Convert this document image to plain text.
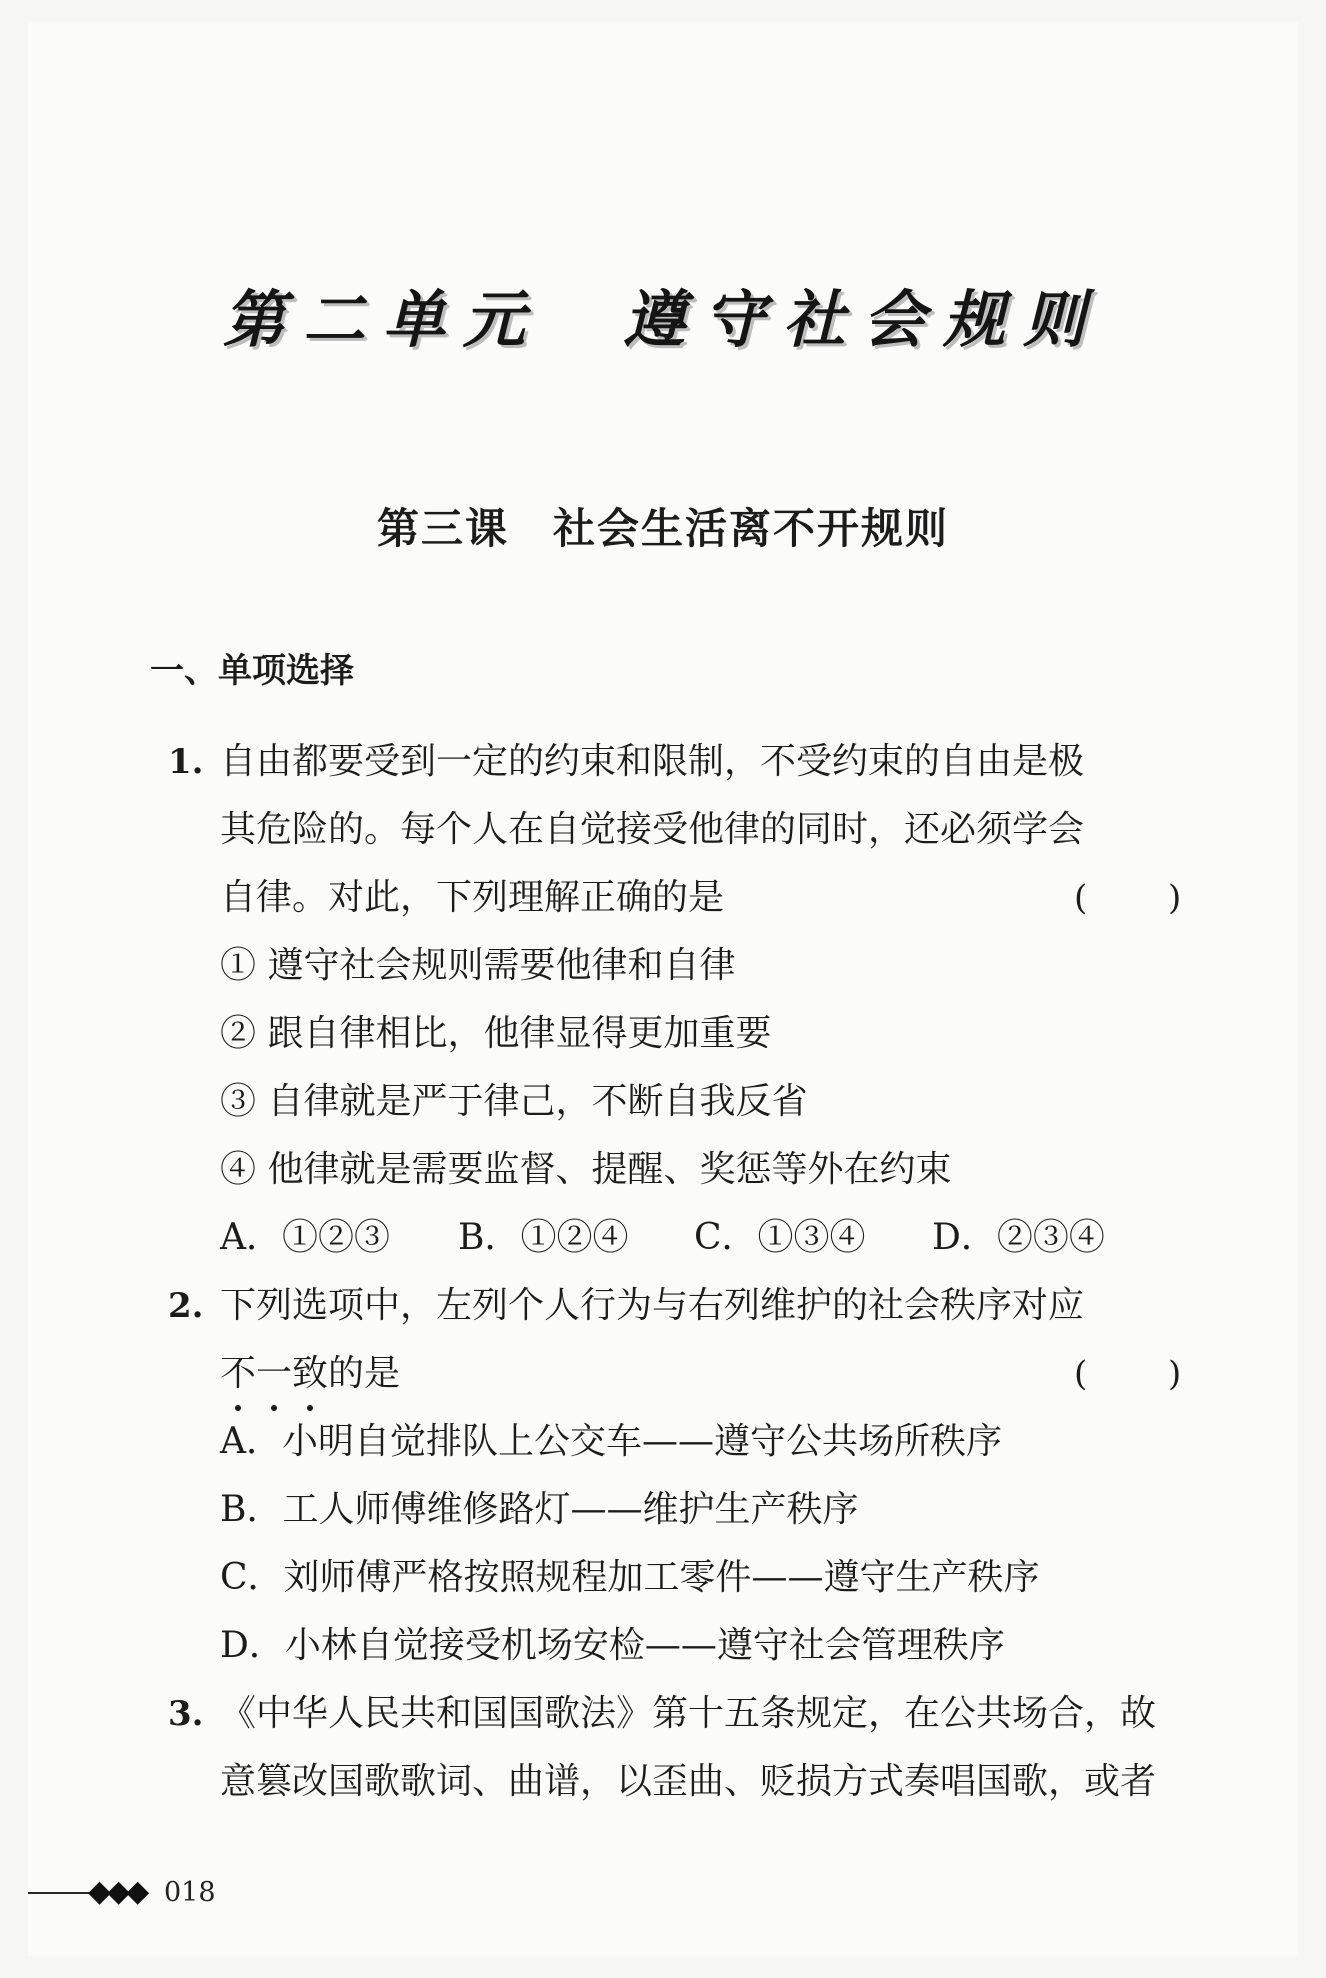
第二单元　遵守社会规则
第三课　社会生活离不开规则
一、单项选择
1. 自由都要受到一定的约束和限制，不受约束的自由是极
其危险的。每个人在自觉接受他律的同时，还必须学会
自律。对此，下列理解正确的是	( )
① 遵守社会规则需要他律和自律
② 跟自律相比，他律显得更加重要
③ 自律就是严于律己，不断自我反省
④ 他律就是需要监督、提醒、奖惩等外在约束
A．①②③ B．①②④ C．①③④ D．②③④
2. 下列选项中，左列个人行为与右列维护的社会秩序对应
不一致的是	( )
A．小明自觉排队上公交车——遵守公共场所秩序
B．工人师傅维修路灯——维护生产秩序
C．刘师傅严格按照规程加工零件——遵守生产秩序
D．小林自觉接受机场安检——遵守社会管理秩序
3. 《中华人民共和国国歌法》第十五条规定，在公共场合，故
意篡改国歌歌词、曲谱，以歪曲、贬损方式奏唱国歌，或者
◆◆◆ 018
